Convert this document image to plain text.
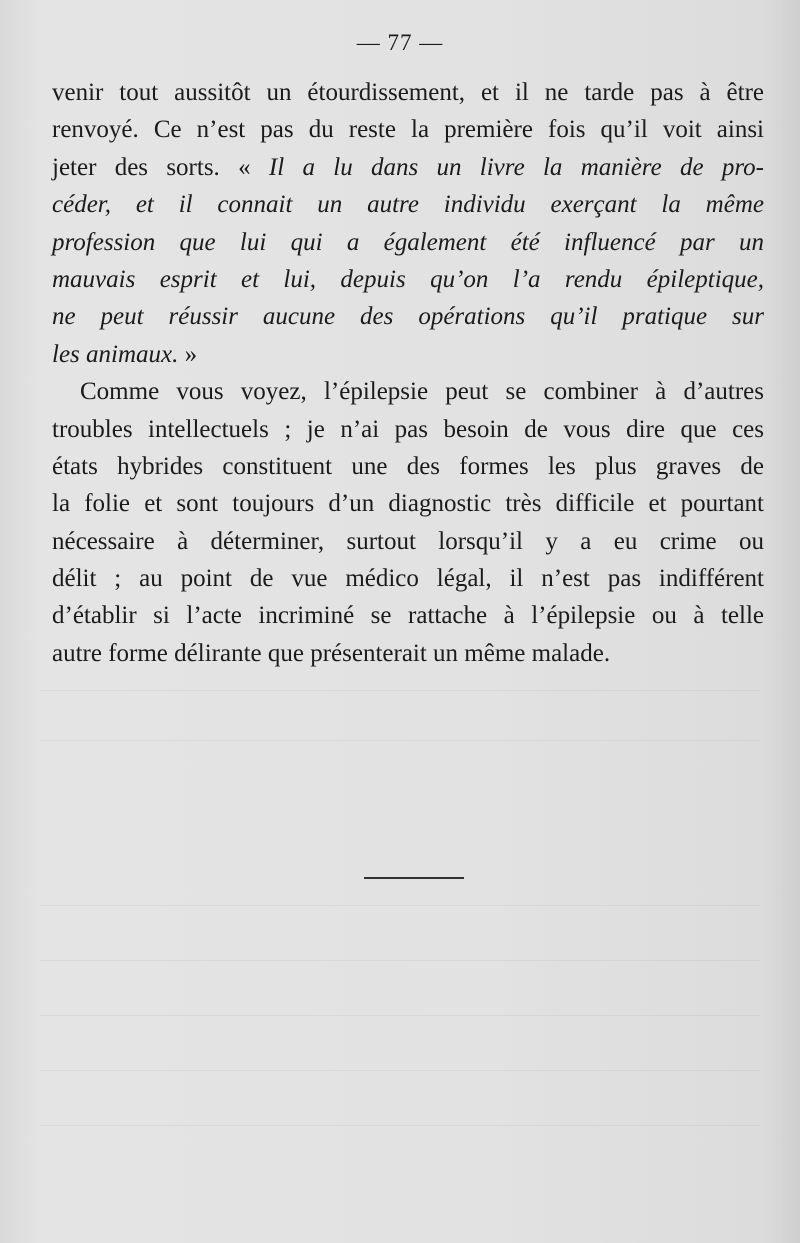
— 77 —
venir tout aussitôt un étourdissement, et il ne tarde pas à être
renvoyé. Ce n’est pas du reste la première fois qu’il voit ainsi
jeter des sorts. « Il a lu dans un livre la manière de pro-
céder, et il connait un autre individu exerçant la même
profession que lui qui a également été influencé par un
mauvais esprit et lui, depuis qu’on l’a rendu épileptique,
ne peut réussir aucune des opérations qu’il pratique sur
les animaux. »
Comme vous voyez, l’épilepsie peut se combiner à d’autres
troubles intellectuels ; je n’ai pas besoin de vous dire que ces
états hybrides constituent une des formes les plus graves de
la folie et sont toujours d’un diagnostic très difficile et pourtant
nécessaire à déterminer, surtout lorsqu’il y a eu crime ou
délit ; au point de vue médico légal, il n’est pas indifférent
d’établir si l’acte incriminé se rattache à l’épilepsie ou à telle
autre forme délirante que présenterait un même malade.
